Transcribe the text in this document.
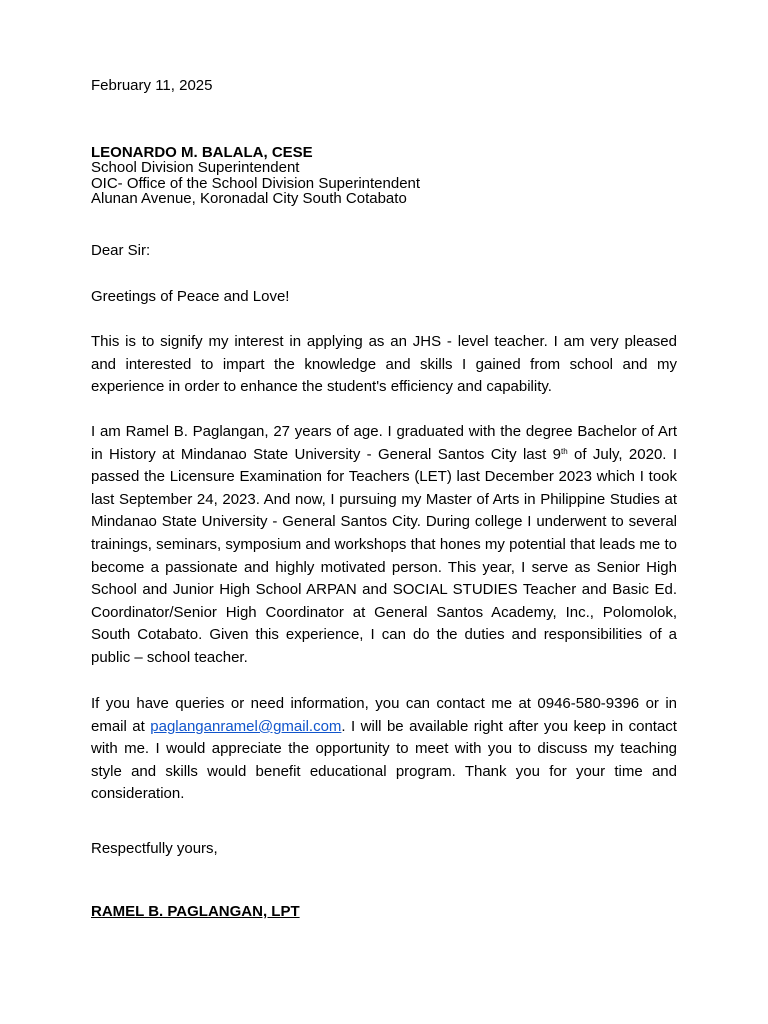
February 11, 2025
LEONARDO M. BALALA, CESE
School Division Superintendent
OIC- Office of the School Division Superintendent
Alunan Avenue, Koronadal City South Cotabato
Dear Sir:
Greetings of Peace and Love!
This is to signify my interest in applying as an JHS - level teacher. I am very pleased and interested to impart the knowledge and skills I gained from school and my experience in order to enhance the student's efficiency and capability.
I am Ramel B. Paglangan, 27 years of age. I graduated with the degree Bachelor of Art in History at Mindanao State University - General Santos City last 9th of July, 2020. I passed the Licensure Examination for Teachers (LET) last December 2023 which I took last September 24, 2023. And now, I pursuing my Master of Arts in Philippine Studies at Mindanao State University - General Santos City. During college I underwent to several trainings, seminars, symposium and workshops that hones my potential that leads me to become a passionate and highly motivated person. This year, I serve as Senior High School and Junior High School ARPAN and SOCIAL STUDIES Teacher and Basic Ed. Coordinator/Senior High Coordinator at General Santos Academy, Inc., Polomolok, South Cotabato. Given this experience, I can do the duties and responsibilities of a public – school teacher.
If you have queries or need information, you can contact me at 0946-580-9396 or in email at paglanganramel@gmail.com. I will be available right after you keep in contact with me. I would appreciate the opportunity to meet with you to discuss my teaching style and skills would benefit educational program. Thank you for your time and consideration.
Respectfully yours,
RAMEL B. PAGLANGAN, LPT
